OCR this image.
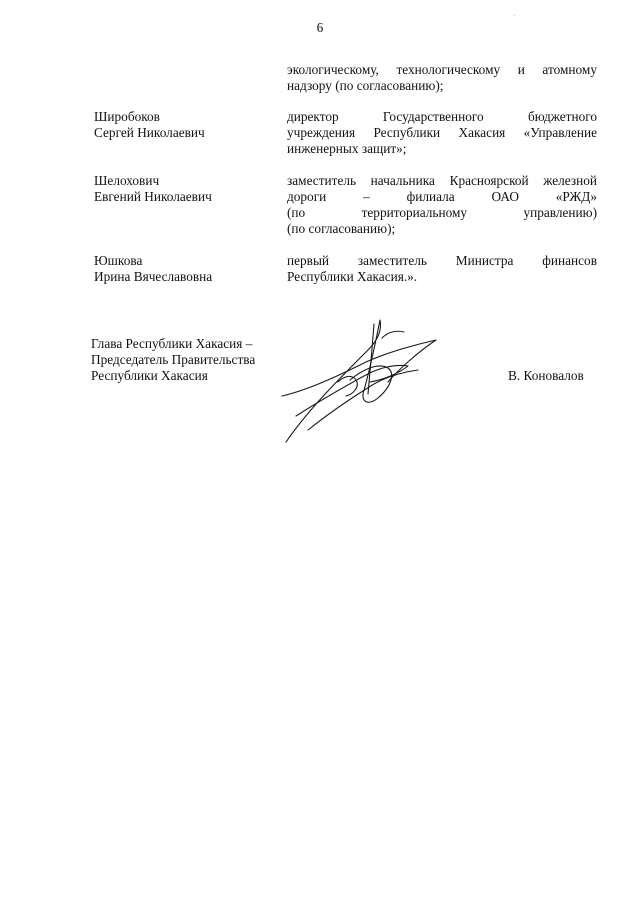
'
6
экологическому, технологическому и атомному
надзору (по согласованию);
Широбоков
Сергей Николаевич
директор Государственного бюджетного
учреждения Республики Хакасия «Управление
инженерных защит»;
Шелохович
Евгений Николаевич
заместитель начальника Красноярской железной
дороги – филиала ОАО «РЖД»
(по территориальному управлению)
(по согласованию);
Юшкова
Ирина Вячеславовна
первый заместитель Министра финансов
Республики Хакасия.».
Глава Республики Хакасия –
Председатель Правительства
Республики Хакасия	В. Коновалов
